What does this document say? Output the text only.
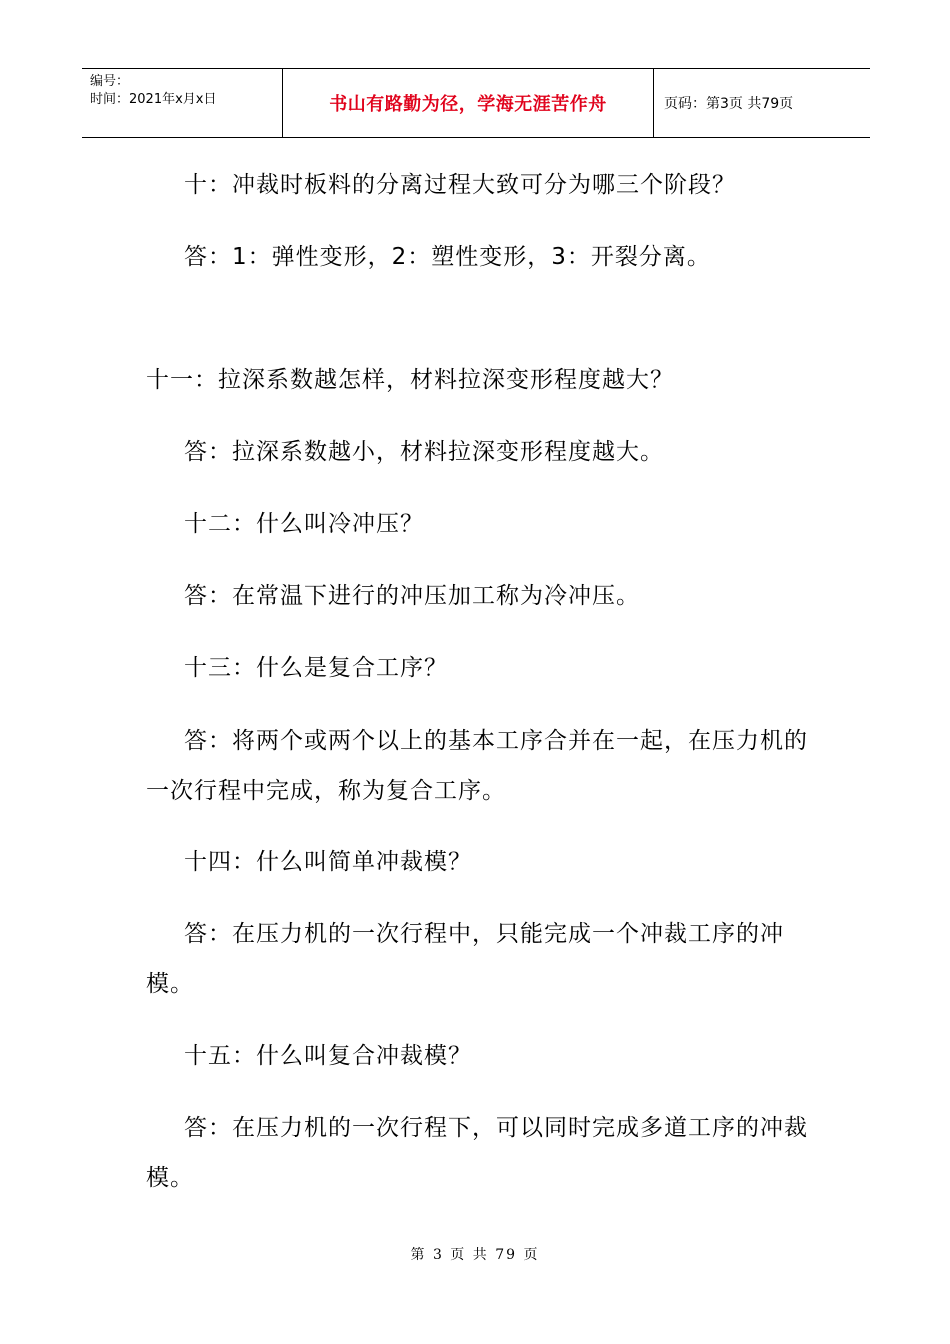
编号：
时间：2021年x月x日	书山有路勤为径，学海无涯苦作舟	页码：第3页 共79页

十：冲裁时板料的分离过程大致可分为哪三个阶段？

答：1：弹性变形，2：塑性变形，3：开裂分离。

十一：拉深系数越怎样，材料拉深变形程度越大？

答：拉深系数越小，材料拉深变形程度越大。

十二：什么叫冷冲压？

答：在常温下进行的冲压加工称为冷冲压。

十三：什么是复合工序？

答：将两个或两个以上的基本工序合并在一起，在压力机的一次行程中完成，称为复合工序。

十四：什么叫简单冲裁模？

答：在压力机的一次行程中，只能完成一个冲裁工序的冲模。

十五：什么叫复合冲裁模？

答：在压力机的一次行程下，可以同时完成多道工序的冲裁模。

第 3 页 共 79 页
